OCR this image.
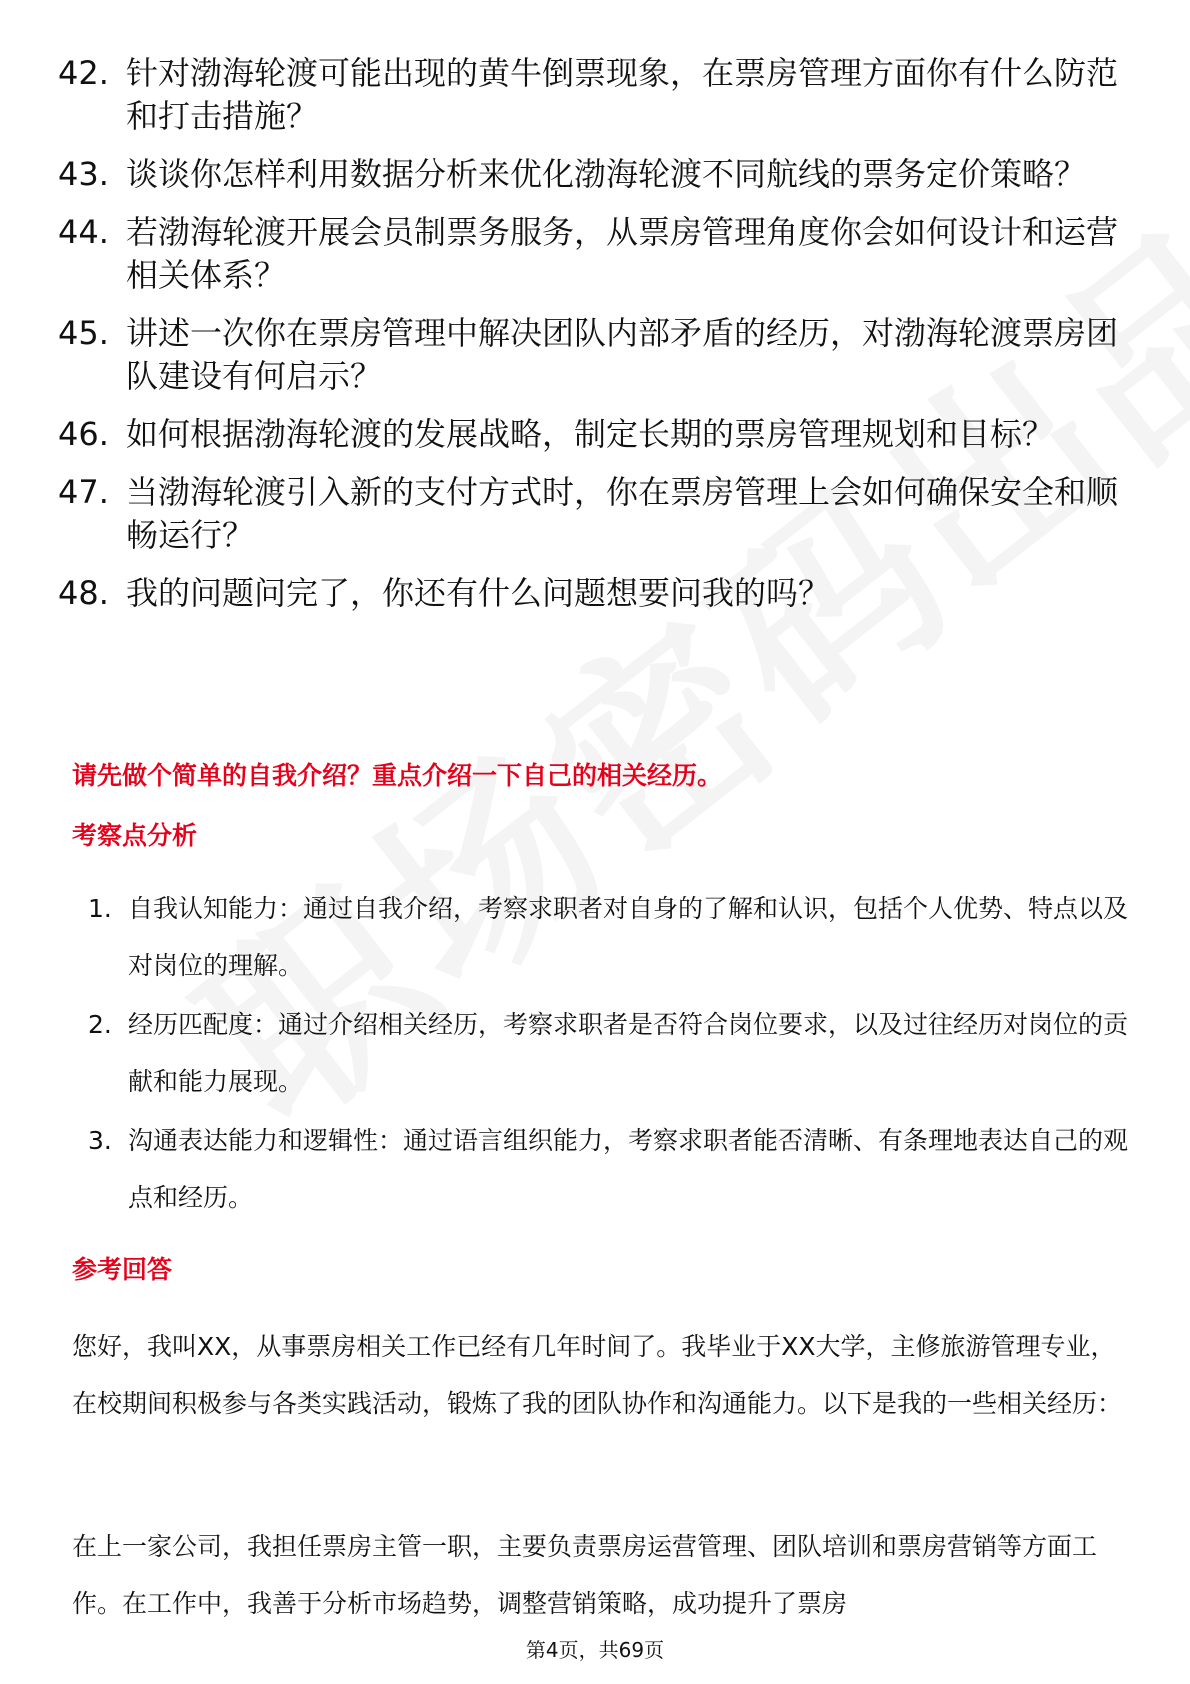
42. 针对渤海轮渡可能出现的黄牛倒票现象，在票房管理方面你有什么防范和打击措施？
43. 谈谈你怎样利用数据分析来优化渤海轮渡不同航线的票务定价策略？
44. 若渤海轮渡开展会员制票务服务，从票房管理角度你会如何设计和运营相关体系？
45. 讲述一次你在票房管理中解决团队内部矛盾的经历，对渤海轮渡票房团队建设有何启示？
46. 如何根据渤海轮渡的发展战略，制定长期的票房管理规划和目标？
47. 当渤海轮渡引入新的支付方式时，你在票房管理上会如何确保安全和顺畅运行？
48. 我的问题问完了，你还有什么问题想要问我的吗？
请先做个简单的自我介绍？重点介绍一下自己的相关经历。
考察点分析
1. 自我认知能力：通过自我介绍，考察求职者对自身的了解和认识，包括个人优势、特点以及对岗位的理解。
2. 经历匹配度：通过介绍相关经历，考察求职者是否符合岗位要求，以及过往经历对岗位的贡献和能力展现。
3. 沟通表达能力和逻辑性：通过语言组织能力，考察求职者能否清晰、有条理地表达自己的观点和经历。
参考回答
您好，我叫XX，从事票房相关工作已经有几年时间了。我毕业于XX大学，主修旅游管理专业，在校期间积极参与各类实践活动，锻炼了我的团队协作和沟通能力。以下是我的一些相关经历：
在上一家公司，我担任票房主管一职，主要负责票房运营管理、团队培训和票房营销等方面工作。在工作中，我善于分析市场趋势，调整营销策略，成功提升了票房
第4页，共69页
